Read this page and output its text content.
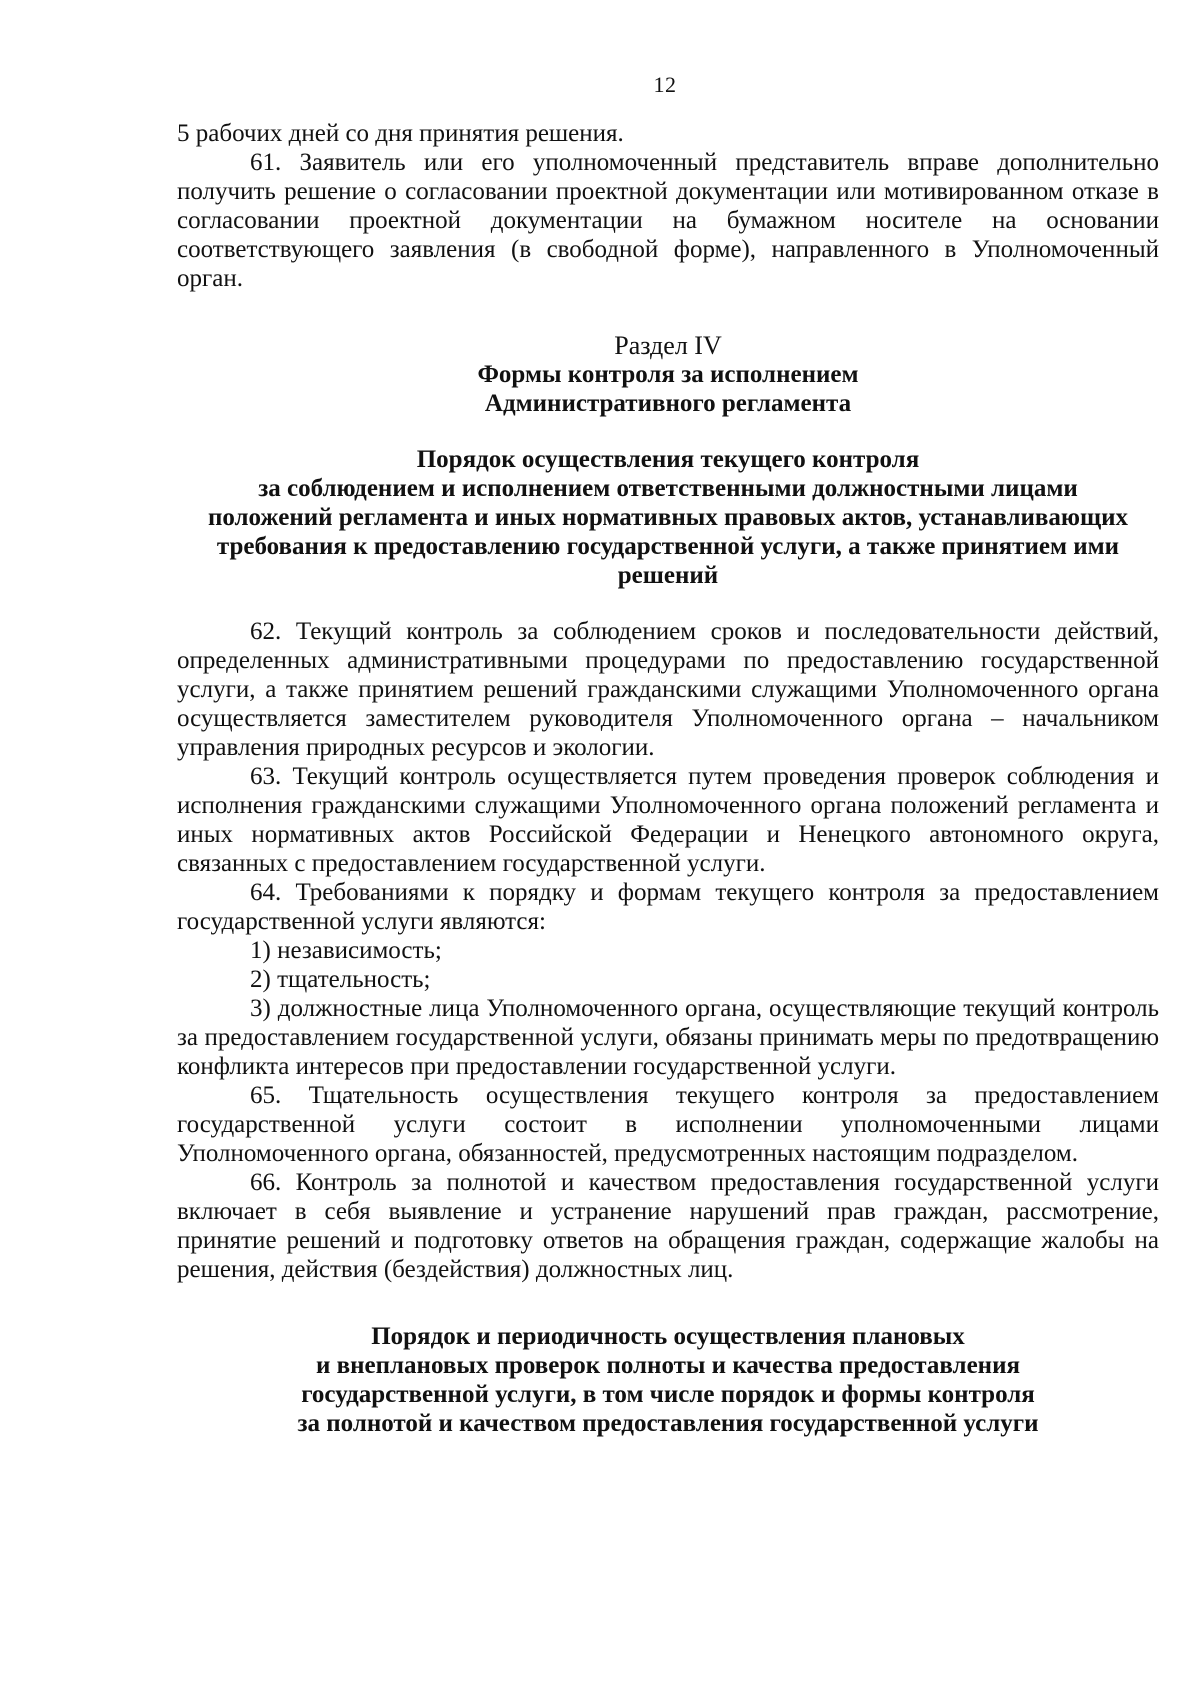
12

5 рабочих дней со дня принятия решения.

61. Заявитель или его уполномоченный представитель вправе дополнительно получить решение о согласовании проектной документации или мотивированном отказе в согласовании проектной документации на бумажном носителе на основании соответствующего заявления (в свободной форме), направленного в Уполномоченный орган.

Раздел IV

Формы контроля за исполнением

Административного регламента

Порядок осуществления текущего контроля

за соблюдением и исполнением ответственными должностными лицами

положений регламента и иных нормативных правовых актов, устанавливающих

требования к предоставлению государственной услуги, а также принятием ими

решений

62. Текущий контроль за соблюдением сроков и последовательности действий, определенных административными процедурами по предоставлению государственной услуги, а также принятием решений гражданскими служащими Уполномоченного органа осуществляется заместителем руководителя Уполномоченного органа – начальником управления природных ресурсов и экологии.

63. Текущий контроль осуществляется путем проведения проверок соблюдения и исполнения гражданскими служащими Уполномоченного органа положений регламента и иных нормативных актов Российской Федерации и Ненецкого автономного округа, связанных с предоставлением государственной услуги.

64. Требованиями к порядку и формам текущего контроля за предоставлением государственной услуги являются:

1) независимость;

2) тщательность;

3) должностные лица Уполномоченного органа, осуществляющие текущий контроль за предоставлением государственной услуги, обязаны принимать меры по предотвращению конфликта интересов при предоставлении государственной услуги.

65. Тщательность осуществления текущего контроля за предоставлением государственной услуги состоит в исполнении уполномоченными лицами Уполномоченного органа, обязанностей, предусмотренных настоящим подразделом.

66. Контроль за полнотой и качеством предоставления государственной услуги включает в себя выявление и устранение нарушений прав граждан, рассмотрение, принятие решений и подготовку ответов на обращения граждан, содержащие жалобы на решения, действия (бездействия) должностных лиц.

Порядок и периодичность осуществления плановых

и внеплановых проверок полноты и качества предоставления

государственной услуги, в том числе порядок и формы контроля

за полнотой и качеством предоставления государственной услуги
